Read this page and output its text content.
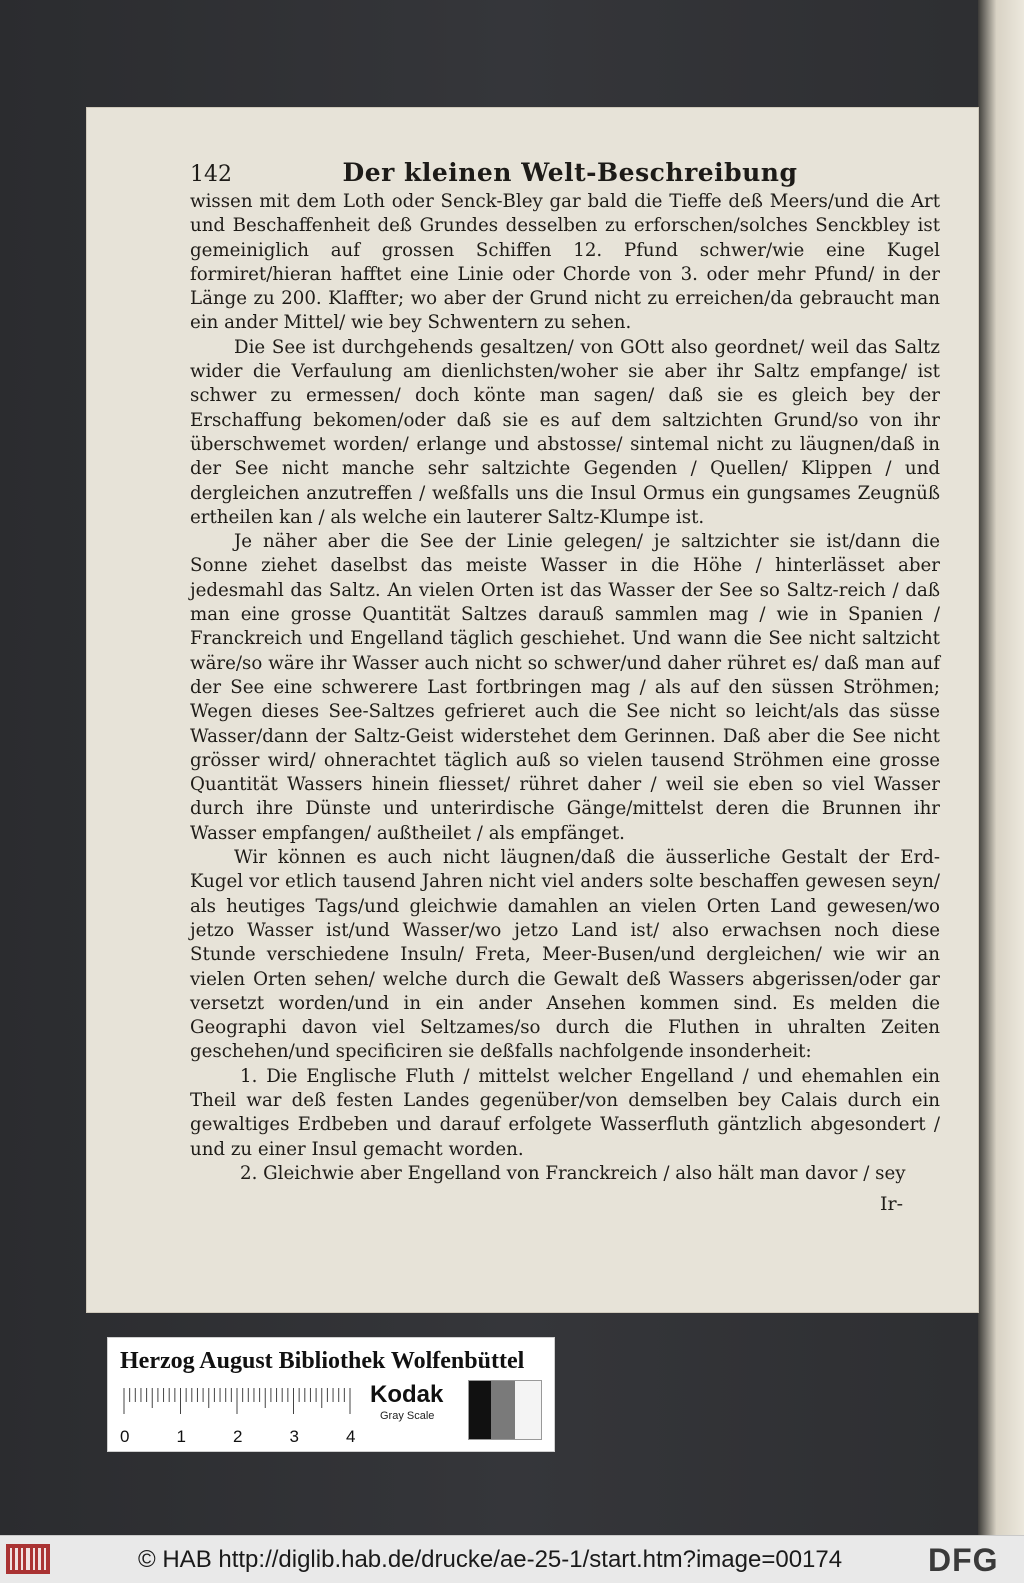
142	Der kleinen Welt-Beschreibung

wissen mit dem Loth oder Senck-Bley gar bald die Tieffe deß Meers/und die Art und Beschaffenheit deß Grundes desselben zu erforschen/solches Senckbley ist gemeiniglich auf grossen Schiffen 12. Pfund schwer/wie eine Kugel formiret/hieran hafftet eine Linie oder Chorde von 3. oder mehr Pfund/ in der Länge zu 200. Klaffter; wo aber der Grund nicht zu erreichen/da gebraucht man ein ander Mittel/ wie bey Schwentern zu sehen.

Die See ist durchgehends gesaltzen/ von GOtt also geordnet/ weil das Saltz wider die Verfaulung am dienlichsten/woher sie aber ihr Saltz empfange/ ist schwer zu ermessen/ doch könte man sagen/ daß sie es gleich bey der Erschaffung bekomen/oder daß sie es auf dem saltzichten Grund/so von ihr überschwemet worden/ erlange und abstosse/ sintemal nicht zu läugnen/daß in der See nicht manche sehr saltzichte Gegenden / Quellen/ Klippen / und dergleichen anzutreffen / weßfalls uns die Insul Ormus ein gungsames Zeugnüß ertheilen kan / als welche ein lauterer Saltz-Klumpe ist.

Je näher aber die See der Linie gelegen/ je saltzichter sie ist/dann die Sonne ziehet daselbst das meiste Wasser in die Höhe / hinterlässet aber jedesmahl das Saltz. An vielen Orten ist das Wasser der See so Saltz-reich / daß man eine grosse Quantität Saltzes darauß sammlen mag / wie in Spanien / Franckreich und Engelland täglich geschiehet. Und wann die See nicht saltzicht wäre/so wäre ihr Wasser auch nicht so schwer/und daher rühret es/ daß man auf der See eine schwerere Last fortbringen mag / als auf den süssen Ströhmen; Wegen dieses See-Saltzes gefrieret auch die See nicht so leicht/als das süsse Wasser/dann der Saltz-Geist widerstehet dem Gerinnen. Daß aber die See nicht grösser wird/ ohnerachtet täglich auß so vielen tausend Ströhmen eine grosse Quantität Wassers hinein fliesset/ rühret daher / weil sie eben so viel Wasser durch ihre Dünste und unterirdische Gänge/mittelst deren die Brunnen ihr Wasser empfangen/ außtheilet / als empfänget.

Wir können es auch nicht läugnen/daß die äusserliche Gestalt der Erd-Kugel vor etlich tausend Jahren nicht viel anders solte beschaffen gewesen seyn/ als heutiges Tags/und gleichwie damahlen an vielen Orten Land gewesen/wo jetzo Wasser ist/und Wasser/wo jetzo Land ist/ also erwachsen noch diese Stunde verschiedene Insuln/ Freta, Meer-Busen/und dergleichen/ wie wir an vielen Orten sehen/ welche durch die Gewalt deß Wassers abgerissen/oder gar versetzt worden/und in ein ander Ansehen kommen sind. Es melden die Geographi davon viel Seltzames/so durch die Fluthen in uhralten Zeiten geschehen/und specificiren sie deßfalls nachfolgende insonderheit:

1. Die Englische Fluth / mittelst welcher Engelland / und ehemahlen ein Theil war deß festen Landes gegenüber/von demselben bey Calais durch ein gewaltiges Erdbeben und darauf erfolgete Wasserfluth gäntzlich abgesondert / und zu einer Insul gemacht worden.

2. Gleichwie aber Engelland von Franckreich / also hält man davor / sey

Ir-
Herzog August Bibliothek Wolfenbüttel
0	1	2	3	4
Kodak
Gray Scale
© HAB http://diglib.hab.de/drucke/ae-25-1/start.htm?image=00174	DFG
